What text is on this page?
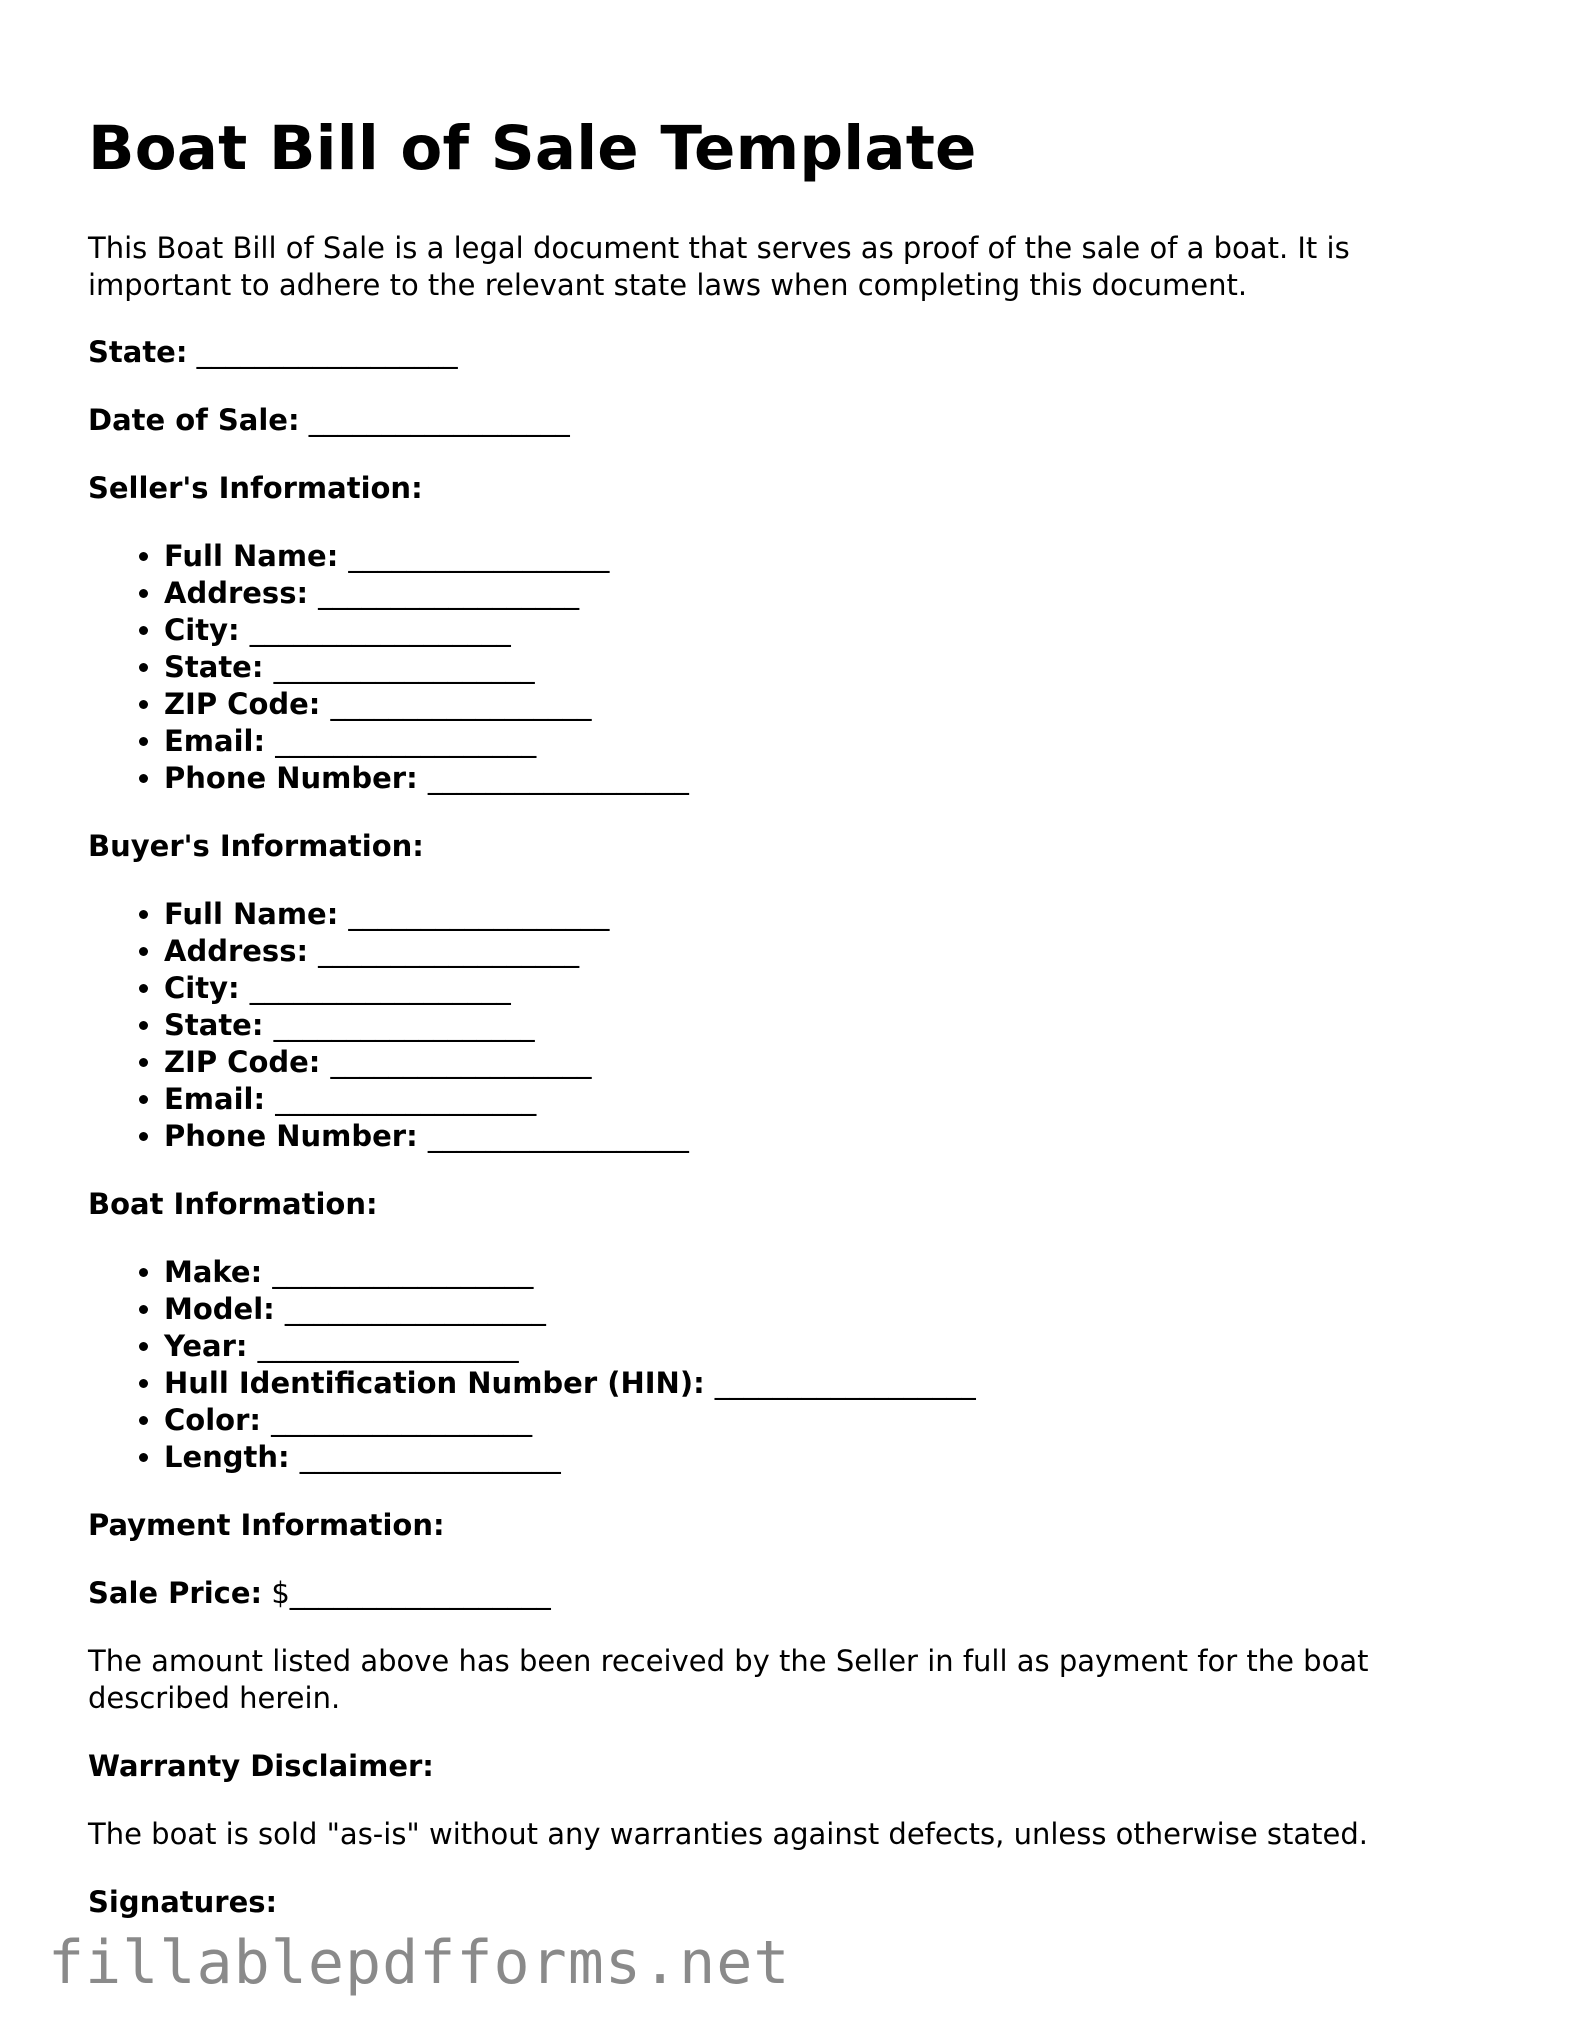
Boat Bill of Sale Template

This Boat Bill of Sale is a legal document that serves as proof of the sale of a boat. It is important to adhere to the relevant state laws when completing this document.

State: __________________

Date of Sale: __________________

Seller's Information:
• Full Name: __________________
• Address: __________________
• City: __________________
• State: __________________
• ZIP Code: __________________
• Email: __________________
• Phone Number: __________________
Buyer's Information:
• Full Name: __________________
• Address: __________________
• City: __________________
• State: __________________
• ZIP Code: __________________
• Email: __________________
• Phone Number: __________________
Boat Information:
• Make: __________________
• Model: __________________
• Year: __________________
• Hull Identification Number (HIN): __________________
• Color: __________________
• Length: __________________
Payment Information:

Sale Price: $__________________

The amount listed above has been received by the Seller in full as payment for the boat described herein.

Warranty Disclaimer:

The boat is sold "as-is" without any warranties against defects, unless otherwise stated.

Signatures:
fillablepdfforms.net
